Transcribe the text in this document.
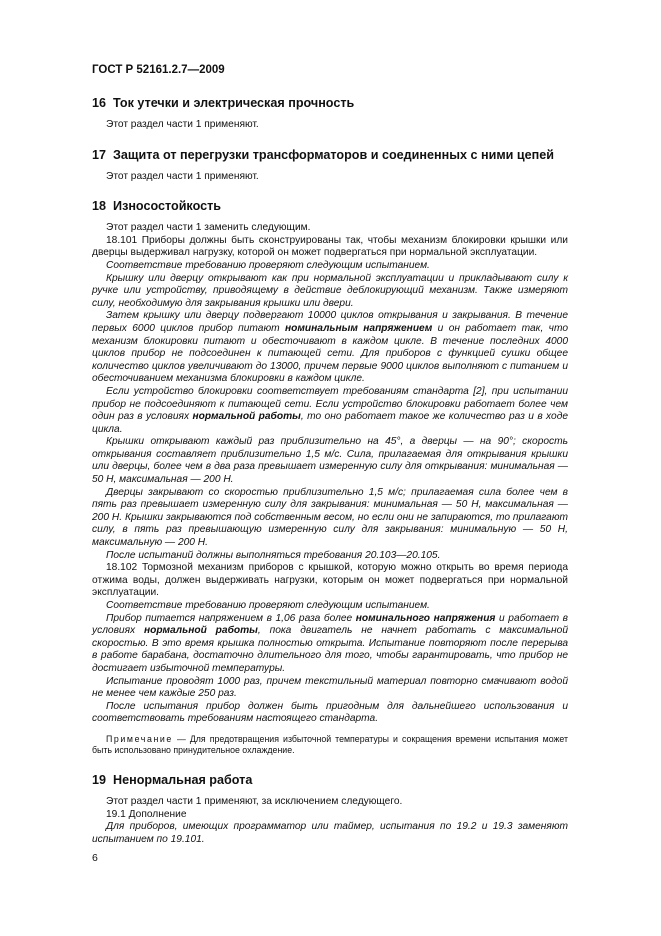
ГОСТ Р 52161.2.7—2009
16 Ток утечки и электрическая прочность

Этот раздел части 1 применяют.

17 Защита от перегрузки трансформаторов и соединенных с ними цепей

Этот раздел части 1 применяют.

18 Износостойкость

Этот раздел части 1 заменить следующим.

18.101 Приборы должны быть сконструированы так, чтобы механизм блокировки крышки или дверцы выдерживал нагрузку, которой он может подвергаться при нормальной эксплуатации.

Соответствие требованию проверяют следующим испытанием.

Крышку или дверцу открывают как при нормальной эксплуатации и прикладывают силу к ручке или устройству, приводящему в действие деблокирующий механизм. Также измеряют силу, необходимую для закрывания крышки или двери.

Затем крышку или дверцу подвергают 10000 циклов открывания и закрывания. В течение первых 6000 циклов прибор питают номинальным напряжением и он работает так, что механизм блокировки питают и обесточивают в каждом цикле. В течение последних 4000 циклов прибор не подсоединен к питающей сети. Для приборов с функцией сушки общее количество циклов увеличивают до 13000, причем первые 9000 циклов выполняют с питанием и обесточиванием механизма блокировки в каждом цикле.

Если устройство блокировки соответствует требованиям стандарта [2], при испытании прибор не подсоединяют к питающей сети. Если устройство блокировки работает более чем один раз в условиях нормальной работы, то оно работает такое же количество раз и в ходе цикла.

Крышки открывают каждый раз приблизительно на 45°, а дверцы — на 90°; скорость открывания составляет приблизительно 1,5 м/с. Сила, прилагаемая для открывания крышки или дверцы, более чем в два раза превышает измеренную силу для открывания: минимальная — 50 Н, максимальная — 200 Н.

Дверцы закрывают со скоростью приблизительно 1,5 м/с; прилагаемая сила более чем в пять раз превышает измеренную силу для закрывания: минимальная — 50 Н, максимальная — 200 Н. Крышки закрываются под собственным весом, но если они не запираются, то прилагают силу, в пять раз превышающую измеренную силу для закрывания: минимальную — 50 Н, максимальную — 200 Н.

После испытаний должны выполняться требования 20.103—20.105.

18.102 Тормозной механизм приборов с крышкой, которую можно открыть во время периода отжима воды, должен выдерживать нагрузки, которым он может подвергаться при нормальной эксплуатации.

Соответствие требованию проверяют следующим испытанием.

Прибор питается напряжением в 1,06 раза более номинального напряжения и работает в условиях нормальной работы, пока двигатель не начнет работать с максимальной скоростью. В это время крышка полностью открыта. Испытание повторяют после перерыва в работе барабана, достаточно длительного для того, чтобы гарантировать, что прибор не достигает избыточной температуры.

Испытание проводят 1000 раз, причем текстильный материал повторно смачивают водой не менее чем каждые 250 раз.

После испытания прибор должен быть пригодным для дальнейшего использования и соответствовать требованиям настоящего стандарта.

Примечание — Для предотвращения избыточной температуры и сокращения времени испытания может быть использовано принудительное охлаждение.
19 Ненормальная работа

Этот раздел части 1 применяют, за исключением следующего.

19.1 Дополнение

Для приборов, имеющих программатор или таймер, испытания по 19.2 и 19.3 заменяют испытанием по 19.101.

6
